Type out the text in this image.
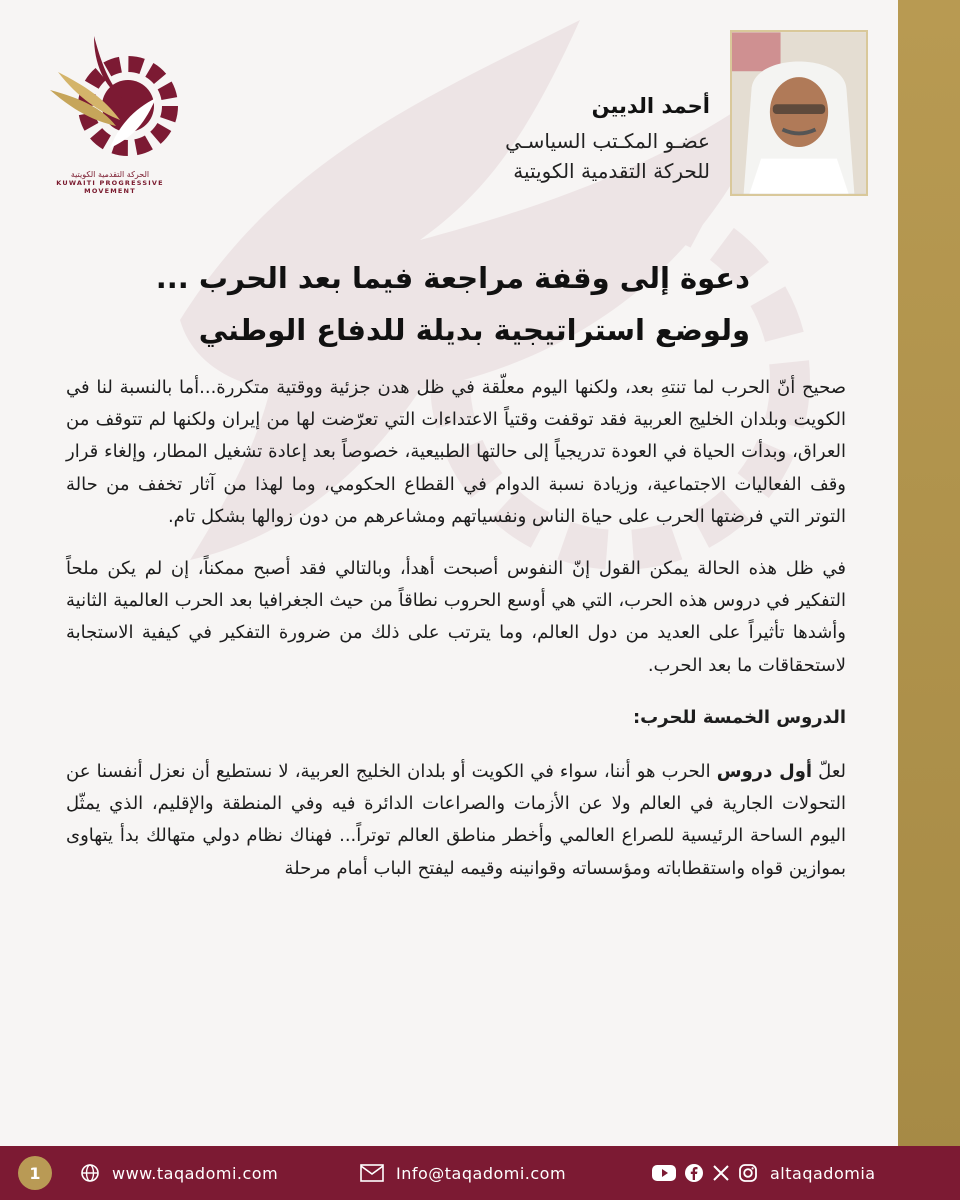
الحركة التقدمية الكويتية
KUWAITI PROGRESSIVE MOVEMENT
أحمد الديين
عضـو المكـتب السياسـي
للحركة التقدمية الكويتية
دعوة إلى وقفة مراجعة فيما بعد الحرب ...
ولوضع استراتيجية بديلة للدفاع الوطني

صحيح أنّ الحرب لما تنتهِ بعد، ولكنها اليوم معلّقة في ظل هدن جزئية ووقتية متكررة...أما بالنسبة لنا في الكويت وبلدان الخليج العربية فقد توقفت وقتياً الاعتداءات التي تعرّضت لها من إيران ولكنها لم تتوقف من العراق، وبدأت الحياة في العودة تدريجياً إلى حالتها الطبيعية، خصوصاً بعد إعادة تشغيل المطار، وإلغاء قرار وقف الفعاليات الاجتماعية، وزيادة نسبة الدوام في القطاع الحكومي، وما لهذا من آثار تخفف من حالة التوتر التي فرضتها الحرب على حياة الناس ونفسياتهم ومشاعرهم من دون زوالها بشكل تام.

في ظل هذه الحالة يمكن القول إنّ النفوس أصبحت أهدأ، وبالتالي فقد أصبح ممكناً، إن لم يكن ملحاً التفكير في دروس هذه الحرب، التي هي أوسع الحروب نطاقاً من حيث الجغرافيا بعد الحرب العالمية الثانية وأشدها تأثيراً على العديد من دول العالم، وما يترتب على ذلك من ضرورة التفكير في كيفية الاستجابة لاستحقاقات ما بعد الحرب.

الدروس الخمسة للحرب:

لعلّ أول دروس الحرب هو أننا، سواء في الكويت أو بلدان الخليج العربية، لا نستطيع أن نعزل أنفسنا عن التحولات الجارية في العالم ولا عن الأزمات والصراعات الدائرة فيه وفي المنطقة والإقليم، الذي يمثّل اليوم الساحة الرئيسية للصراع العالمي وأخطر مناطق العالم توتراً... فهناك نظام دولي متهالك بدأ يتهاوى بموازين قواه واستقطاباته ومؤسساته وقوانينه وقيمه ليفتح الباب أمام مرحلة

1	www.taqadomi.com	Info@taqadomi.com	altaqadomia
